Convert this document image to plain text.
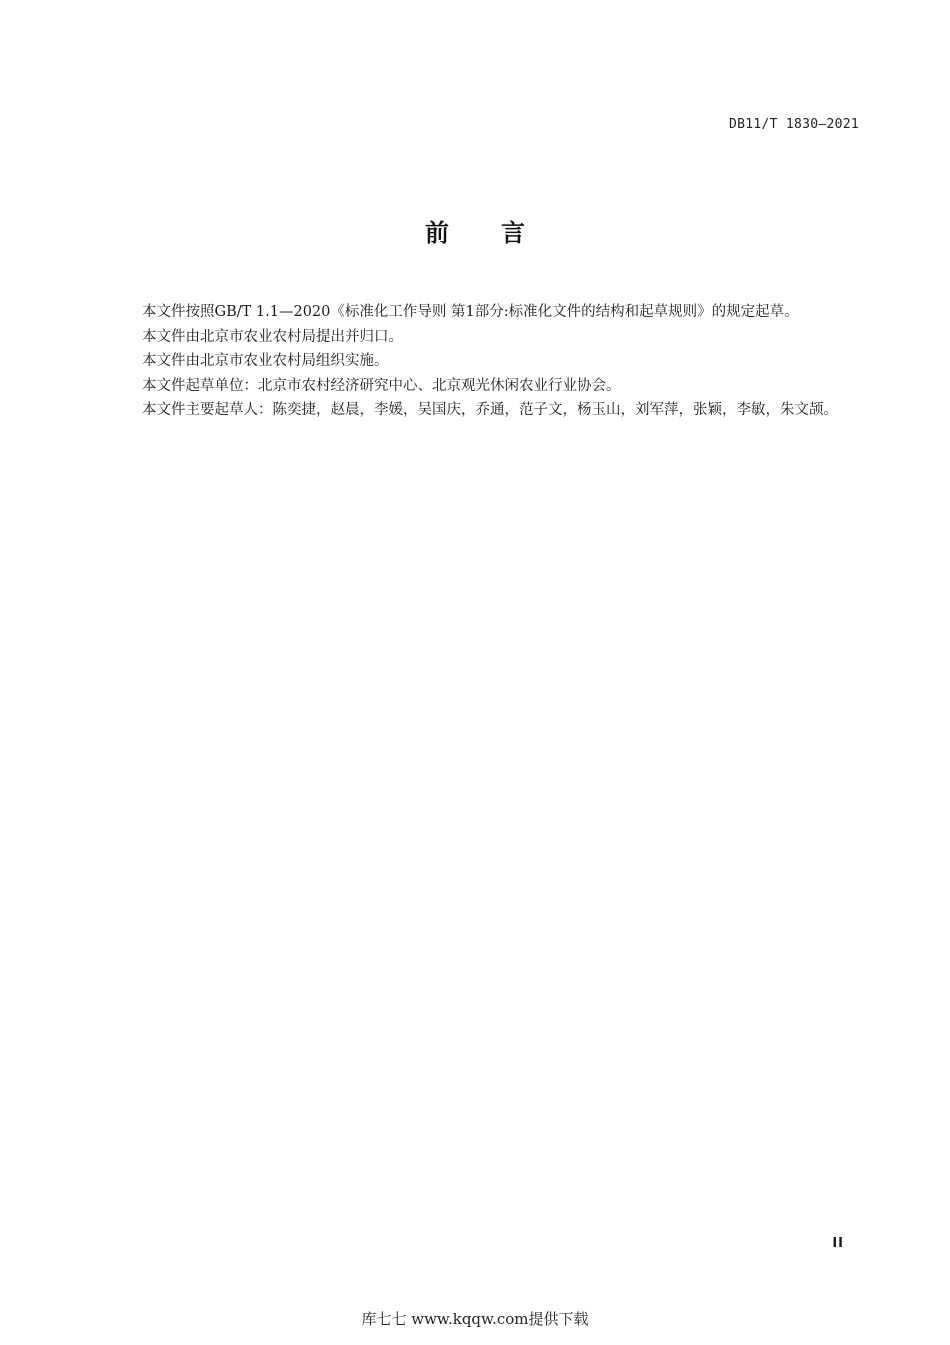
DB11/T 1830—2021
前言

本文件按照GB/T 1.1—2020《标准化工作导则 第1部分:标准化文件的结构和起草规则》的规定起草。

本文件由北京市农业农村局提出并归口。

本文件由北京市农业农村局组织实施。

本文件起草单位：北京市农村经济研究中心、北京观光休闲农业行业协会。

本文件主要起草人：陈奕捷，赵晨，李媛，吴国庆，乔通，范子文，杨玉山，刘军萍，张颖，李敏，朱文颉。

II
库七七 www.kqqw.com提供下载
